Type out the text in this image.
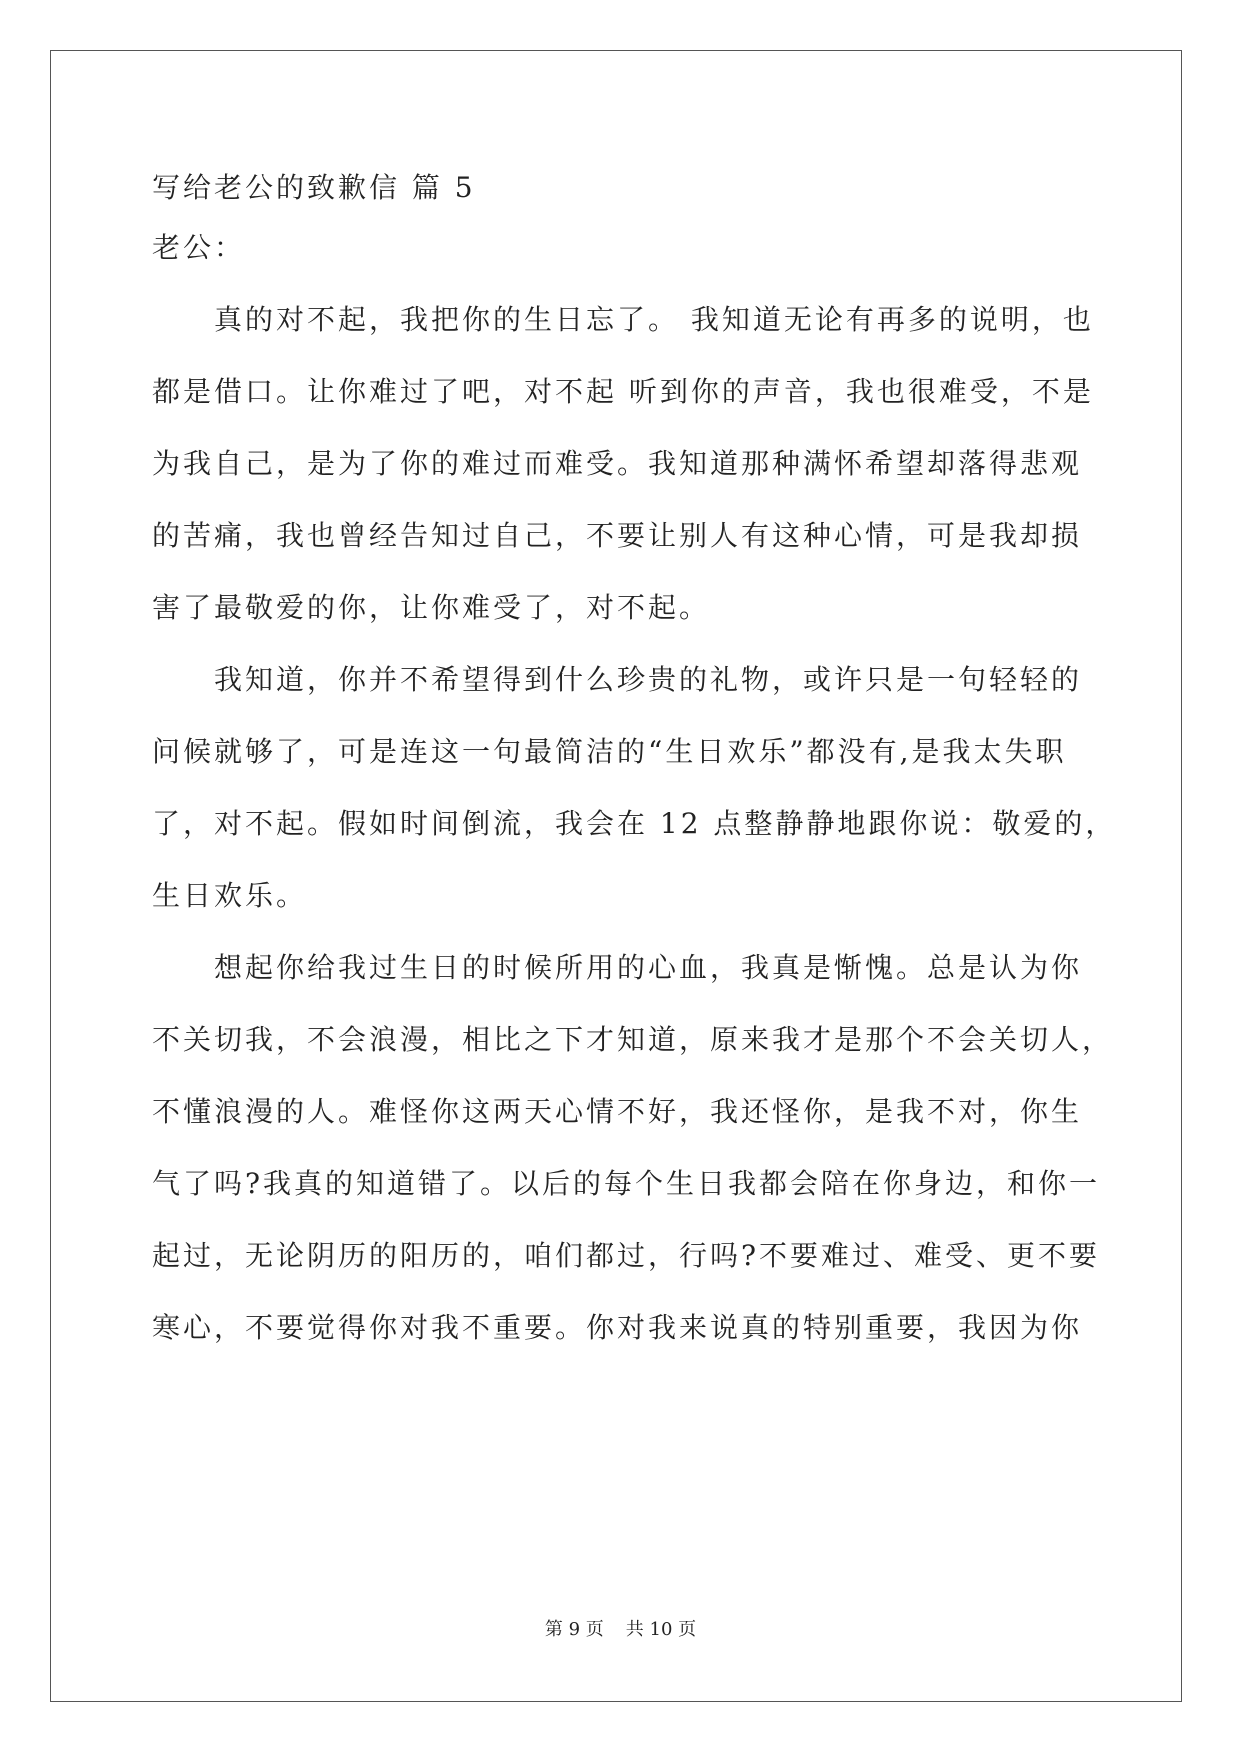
写给老公的致歉信 篇 5
老公：
　　真的对不起，我把你的生日忘了。 我知道无论有再多的说明，也
都是借口。让你难过了吧，对不起 听到你的声音，我也很难受，不是
为我自己，是为了你的难过而难受。我知道那种满怀希望却落得悲观
的苦痛，我也曾经告知过自己，不要让别人有这种心情，可是我却损
害了最敬爱的你，让你难受了，对不起。
　　我知道，你并不希望得到什么珍贵的礼物，或许只是一句轻轻的
问候就够了，可是连这一句最简洁的“生日欢乐”都没有,是我太失职
了，对不起。假如时间倒流，我会在 12 点整静静地跟你说：敬爱的，
生日欢乐。
　　想起你给我过生日的时候所用的心血，我真是惭愧。总是认为你
不关切我，不会浪漫，相比之下才知道，原来我才是那个不会关切人，
不懂浪漫的人。难怪你这两天心情不好，我还怪你，是我不对，你生
气了吗?我真的知道错了。以后的每个生日我都会陪在你身边，和你一
起过，无论阴历的阳历的，咱们都过，行吗?不要难过、难受、更不要
寒心，不要觉得你对我不重要。你对我来说真的特别重要，我因为你
第 9 页 共 10 页
